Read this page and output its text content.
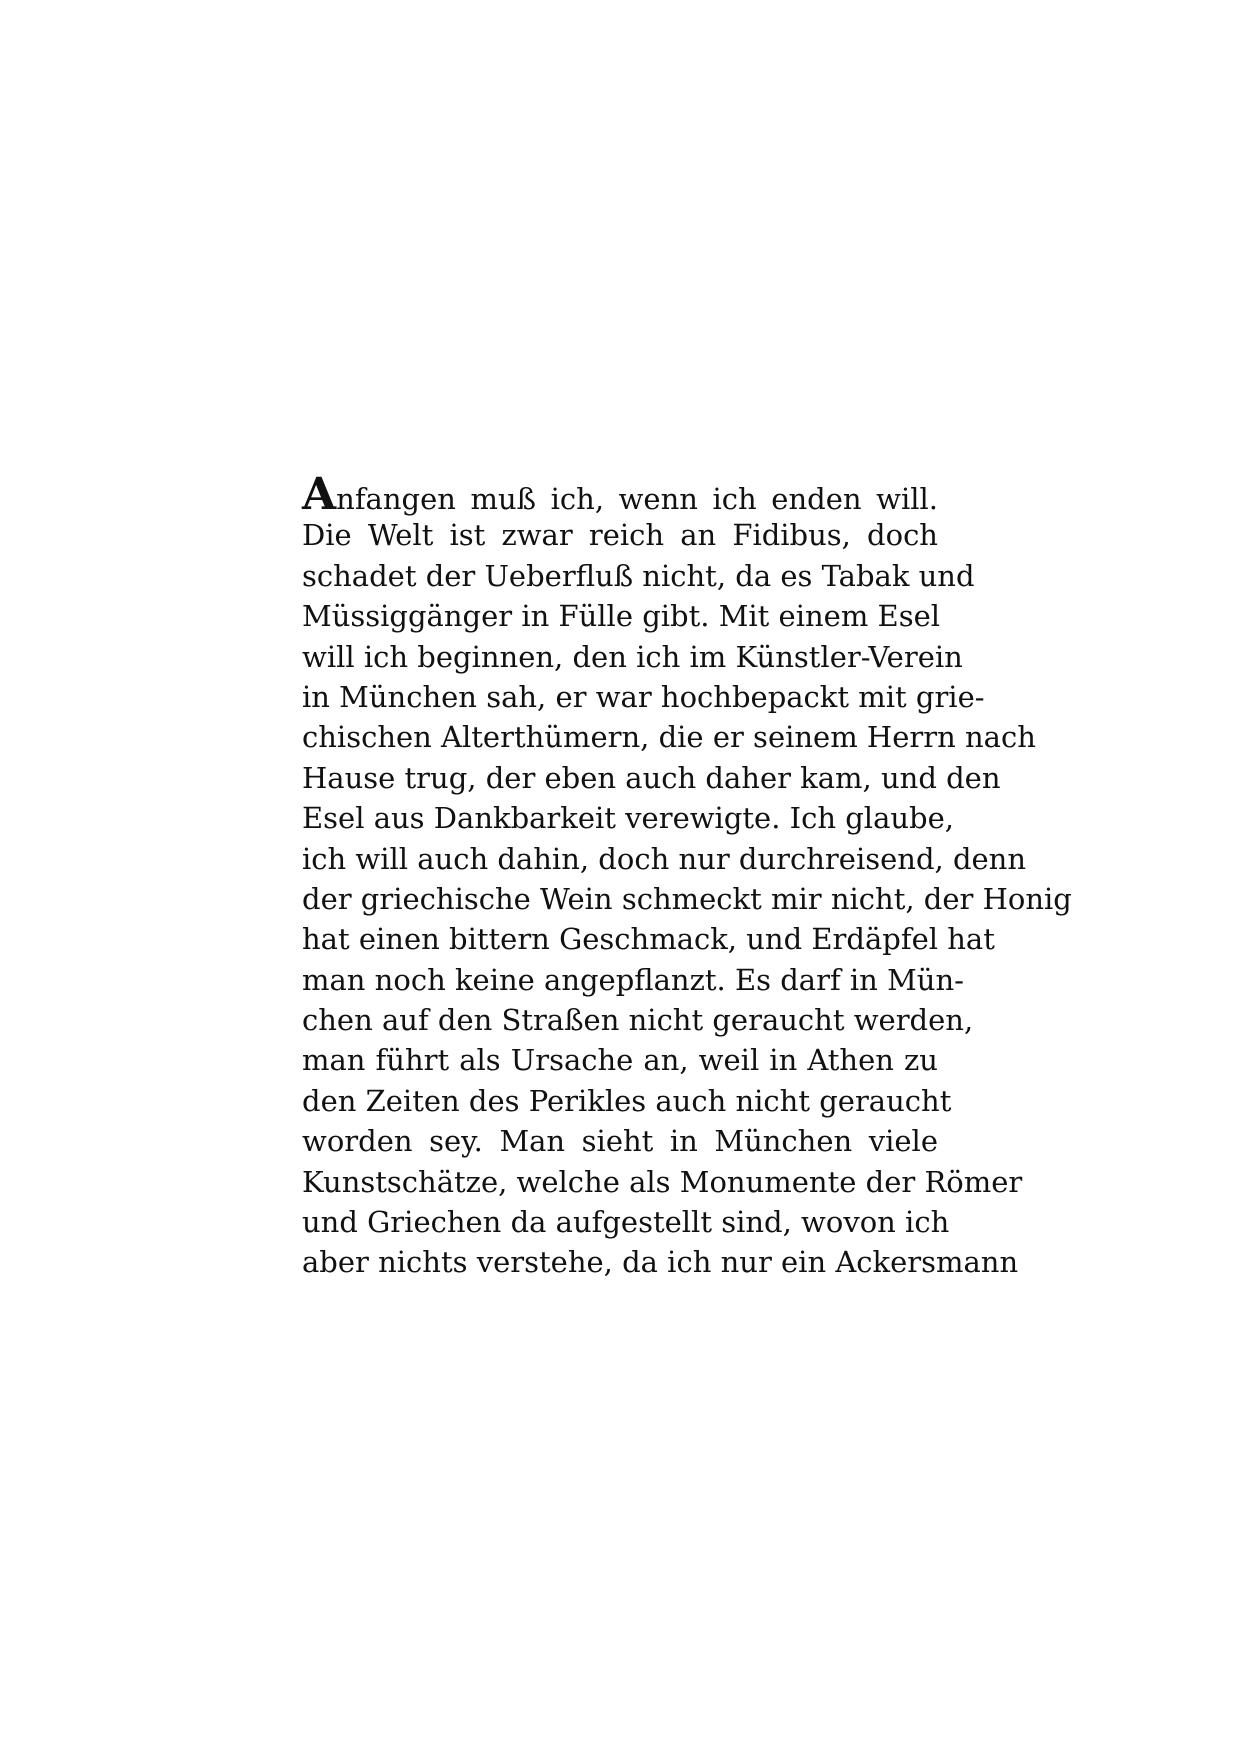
Anfangen muß ich, wenn ich enden will.
Die Welt ist zwar reich an Fidibus, doch
schadet der Ueberfluß nicht, da es Tabak und
Müssiggänger in Fülle gibt. Mit einem Esel
will ich beginnen, den ich im Künstler-Verein
in München sah, er war hochbepackt mit grie-
chischen Alterthümern, die er seinem Herrn nach
Hause trug, der eben auch daher kam, und den
Esel aus Dankbarkeit verewigte. Ich glaube,
ich will auch dahin, doch nur durchreisend, denn
der griechische Wein schmeckt mir nicht, der Honig
hat einen bittern Geschmack, und Erdäpfel hat
man noch keine angepflanzt. Es darf in Mün-
chen auf den Straßen nicht geraucht werden,
man führt als Ursache an, weil in Athen zu
den Zeiten des Perikles auch nicht geraucht
worden sey. Man sieht in München viele
Kunstschätze, welche als Monumente der Römer
und Griechen da aufgestellt sind, wovon ich
aber nichts verstehe, da ich nur ein Ackersmann
